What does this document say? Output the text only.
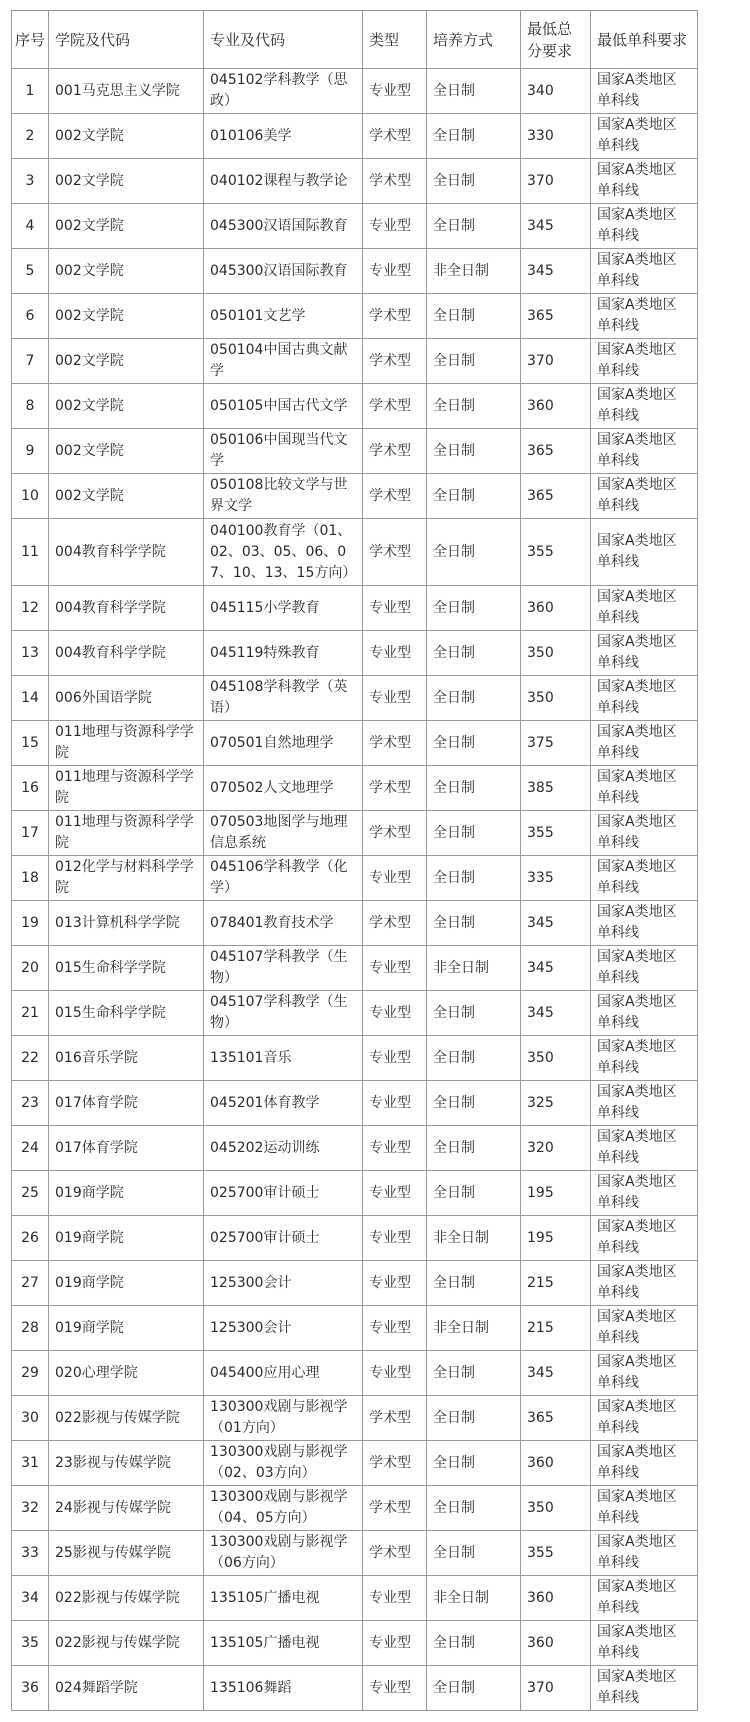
序号	学院及代码	专业及代码	类型	培养方式	最低总分要求	最低单科要求
1	001马克思主义学院	045102学科教学（思政）	专业型	全日制	340	国家A类地区单科线
2	002文学院	010106美学	学术型	全日制	330	国家A类地区单科线
3	002文学院	040102课程与教学论	学术型	全日制	370	国家A类地区单科线
4	002文学院	045300汉语国际教育	专业型	全日制	345	国家A类地区单科线
5	002文学院	045300汉语国际教育	专业型	非全日制	345	国家A类地区单科线
6	002文学院	050101文艺学	学术型	全日制	365	国家A类地区单科线
7	002文学院	050104中国古典文献学	学术型	全日制	370	国家A类地区单科线
8	002文学院	050105中国古代文学	学术型	全日制	360	国家A类地区单科线
9	002文学院	050106中国现当代文学	学术型	全日制	365	国家A类地区单科线
10	002文学院	050108比较文学与世界文学	学术型	全日制	365	国家A类地区单科线
11	004教育科学学院	040100教育学（01、02、03、05、06、07、10、13、15方向）	学术型	全日制	355	国家A类地区单科线
12	004教育科学学院	045115小学教育	专业型	全日制	360	国家A类地区单科线
13	004教育科学学院	045119特殊教育	专业型	全日制	350	国家A类地区单科线
14	006外国语学院	045108学科教学（英语）	专业型	全日制	350	国家A类地区单科线
15	011地理与资源科学学院	070501自然地理学	学术型	全日制	375	国家A类地区单科线
16	011地理与资源科学学院	070502人文地理学	学术型	全日制	385	国家A类地区单科线
17	011地理与资源科学学院	070503地图学与地理信息系统	学术型	全日制	355	国家A类地区单科线
18	012化学与材料科学学院	045106学科教学（化学）	专业型	全日制	335	国家A类地区单科线
19	013计算机科学学院	078401教育技术学	学术型	全日制	345	国家A类地区单科线
20	015生命科学学院	045107学科教学（生物）	专业型	非全日制	345	国家A类地区单科线
21	015生命科学学院	045107学科教学（生物）	专业型	全日制	345	国家A类地区单科线
22	016音乐学院	135101音乐	专业型	全日制	350	国家A类地区单科线
23	017体育学院	045201体育教学	专业型	全日制	325	国家A类地区单科线
24	017体育学院	045202运动训练	专业型	全日制	320	国家A类地区单科线
25	019商学院	025700审计硕士	专业型	全日制	195	国家A类地区单科线
26	019商学院	025700审计硕士	专业型	非全日制	195	国家A类地区单科线
27	019商学院	125300会计	专业型	全日制	215	国家A类地区单科线
28	019商学院	125300会计	专业型	非全日制	215	国家A类地区单科线
29	020心理学院	045400应用心理	专业型	全日制	345	国家A类地区单科线
30	022影视与传媒学院	130300戏剧与影视学（01方向）	学术型	全日制	365	国家A类地区单科线
31	23影视与传媒学院	130300戏剧与影视学（02、03方向）	学术型	全日制	360	国家A类地区单科线
32	24影视与传媒学院	130300戏剧与影视学（04、05方向）	学术型	全日制	350	国家A类地区单科线
33	25影视与传媒学院	130300戏剧与影视学（06方向）	学术型	全日制	355	国家A类地区单科线
34	022影视与传媒学院	135105广播电视	专业型	非全日制	360	国家A类地区单科线
35	022影视与传媒学院	135105广播电视	专业型	全日制	360	国家A类地区单科线
36	024舞蹈学院	135106舞蹈	专业型	全日制	370	国家A类地区单科线
